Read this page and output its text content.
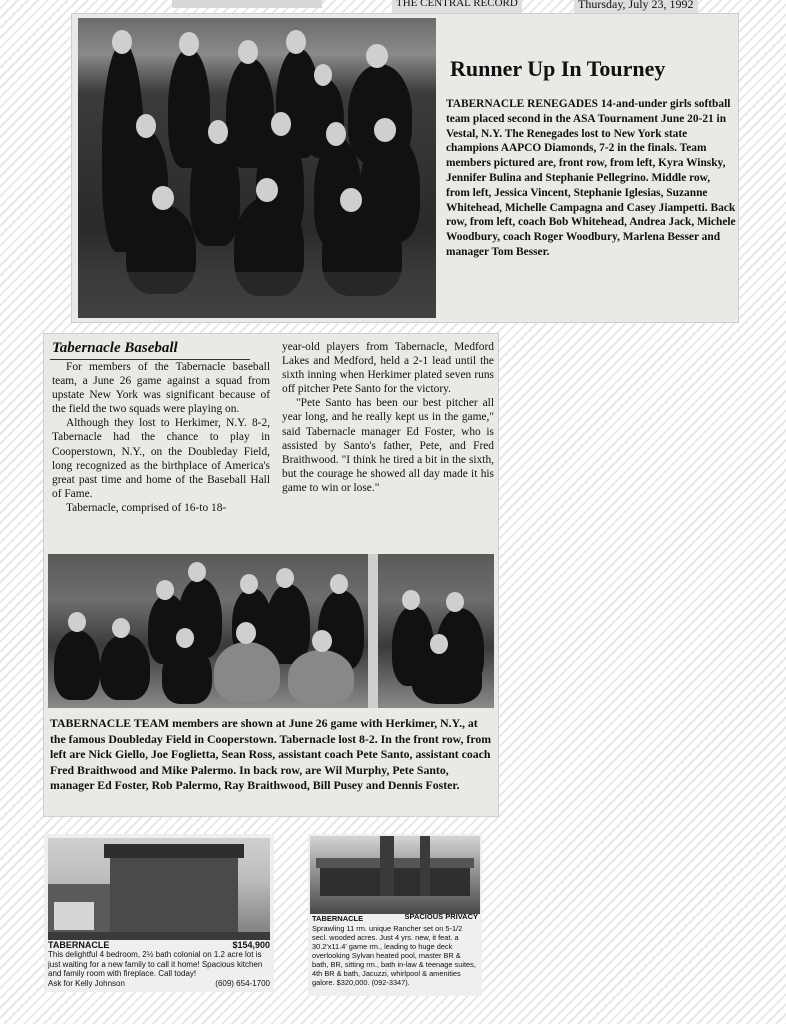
THE CENTRAL RECORD	Thursday, July 23, 1992
Runner Up In Tourney
TABERNACLE RENEGADES 14-and-under girls softball team placed second in the ASA Tournament June 20-21 in Vestal, N.Y. The Renegades lost to New York state champions AAPCO Diamonds, 7-2 in the finals. Team members pictured are, front row, from left, Kyra Winsky, Jennifer Bulina and Stephanie Pellegrino. Middle row, from left, Jessica Vincent, Stephanie Iglesias, Suzanne Whitehead, Michelle Campagna and Casey Jiampetti. Back row, from left, coach Bob Whitehead, Andrea Jack, Michele Woodbury, coach Roger Woodbury, Marlena Besser and manager Tom Besser.
Tabernacle Baseball

For members of the Tabernacle baseball team, a June 26 game against a squad from upstate New York was significant because of the field the two squads were playing on.

Although they lost to Herkimer, N.Y. 8-2, Tabernacle had the chance to play in Cooperstown, N.Y., on the Doubleday Field, long recognized as the birthplace of America's great past time and home of the Baseball Hall of Fame.

Tabernacle, comprised of 16-to 18-

year-old players from Tabernacle, Medford Lakes and Medford, held a 2-1 lead until the sixth inning when Herkimer plated seven runs off pitcher Pete Santo for the victory.

"Pete Santo has been our best pitcher all year long, and he really kept us in the game," said Tabernacle manager Ed Foster, who is assisted by Santo's father, Pete, and Fred Braithwood. "I think he tired a bit in the sixth, but the courage he showed all day made it his game to win or lose."

TABERNACLE TEAM members are shown at June 26 game with Herkimer, N.Y., at the famous Doubleday Field in Cooperstown. Tabernacle lost 8-2. In the front row, from left are Nick Giello, Joe Foglietta, Sean Ross, assistant coach Pete Santo, assistant coach Fred Braithwood and Mike Palermo. In back row, are Wil Murphy, Pete Santo, manager Ed Foster, Rob Palermo, Ray Braithwood, Bill Pusey and Dennis Foster.
TABERNACLE	$154,900
This delightful 4 bedroom, 2½ bath colonial on 1.2 acre lot is just waiting for a new family to call it home! Spacious kitchen and family room with fireplace. Call today!
Ask for Kelly Johnson	(609) 654-1700
TABERNACLE	SPACIOUS PRIVACY
Sprawling 11 rm. unique Rancher set on 5-1/2 secl. wooded acres. Just 4 yrs. new, it feat. a 30.2'x11.4' game rm., leading to huge deck overlooking Sylvan heated pool, master BR & bath, BR, sitting rm., bath in-law & teenage suites, 4th BR & bath, Jacuzzi, whirlpool & amenities galore. $320,000. (092-3347).
